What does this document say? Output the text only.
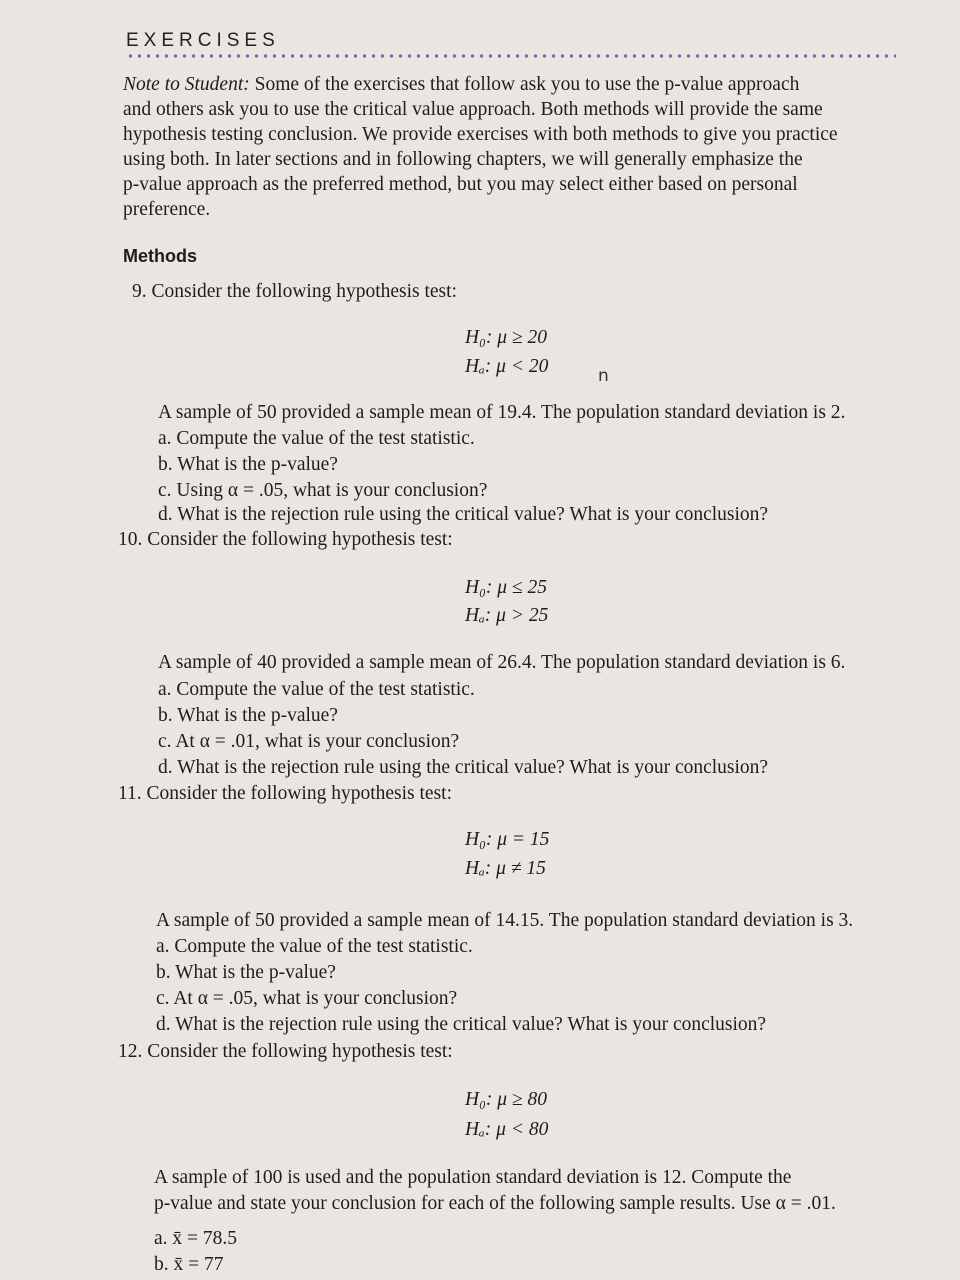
EXERCISES
Note to Student: Some of the exercises that follow ask you to use the p-value approach
and others ask you to use the critical value approach. Both methods will provide the same
hypothesis testing conclusion. We provide exercises with both methods to give you practice
using both. In later sections and in following chapters, we will generally emphasize the
p-value approach as the preferred method, but you may select either based on personal
preference.
Methods
9. Consider the following hypothesis test:
H₀: μ ≥ 20
Hₐ: μ < 20	n
A sample of 50 provided a sample mean of 19.4. The population standard deviation is 2.
a. Compute the value of the test statistic.
b. What is the p-value?
c. Using α = .05, what is your conclusion?
d. What is the rejection rule using the critical value? What is your conclusion?
10. Consider the following hypothesis test:
H₀: μ ≤ 25
Hₐ: μ > 25
A sample of 40 provided a sample mean of 26.4. The population standard deviation is 6.
a. Compute the value of the test statistic.
b. What is the p-value?
c. At α = .01, what is your conclusion?
d. What is the rejection rule using the critical value? What is your conclusion?
11. Consider the following hypothesis test:
H₀: μ = 15
Hₐ: μ ≠ 15
A sample of 50 provided a sample mean of 14.15. The population standard deviation is 3.
a. Compute the value of the test statistic.
b. What is the p-value?
c. At α = .05, what is your conclusion?
d. What is the rejection rule using the critical value? What is your conclusion?
12. Consider the following hypothesis test:
H₀: μ ≥ 80
Hₐ: μ < 80
A sample of 100 is used and the population standard deviation is 12. Compute the
p-value and state your conclusion for each of the following sample results. Use α = .01.
a. x̄ = 78.5
b. x̄ = 77
